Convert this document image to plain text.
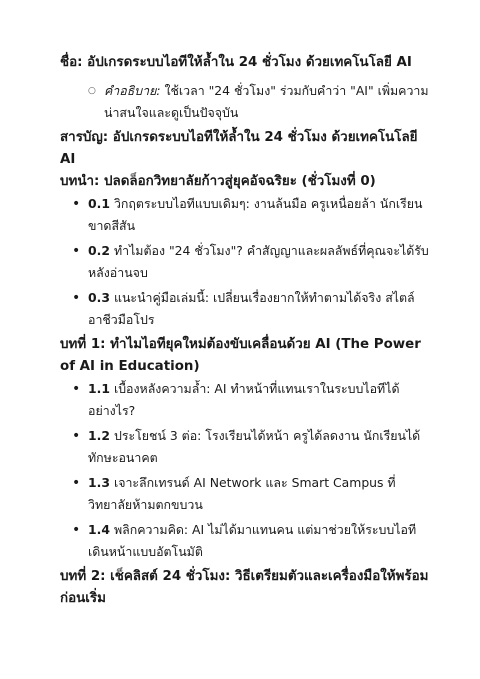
ชื่อ: อัปเกรดระบบไอทีให้ล้ำใน 24 ชั่วโมง ด้วยเทคโนโลยี AI

○ คำอธิบาย: ใช้เวลา "24 ชั่วโมง" ร่วมกับคำว่า "AI" เพิ่มความน่าสนใจและดูเป็นปัจจุบัน

สารบัญ: อัปเกรดระบบไอทีให้ล้ำใน 24 ชั่วโมง ด้วยเทคโนโลยี AI

บทนำ: ปลดล็อกวิทยาลัยก้าวสู่ยุคอัจฉริยะ (ชั่วโมงที่ 0)

• 0.1 วิกฤตระบบไอทีแบบเดิมๆ: งานล้นมือ ครูเหนื่อยล้า นักเรียนขาดสีสัน
• 0.2 ทำไมต้อง "24 ชั่วโมง"? คำสัญญาและผลลัพธ์ที่คุณจะได้รับหลังอ่านจบ
• 0.3 แนะนำคู่มือเล่มนี้: เปลี่ยนเรื่องยากให้ทำตามได้จริง สไตล์อาชีวมือโปร

บทที่ 1: ทำไมไอทียุคใหม่ต้องขับเคลื่อนด้วย AI (The Power of AI in Education)

• 1.1 เบื้องหลังความล้ำ: AI ทำหน้าที่แทนเราในระบบไอทีได้อย่างไร?
• 1.2 ประโยชน์ 3 ต่อ: โรงเรียนได้หน้า ครูได้ลดงาน นักเรียนได้ทักษะอนาคต
• 1.3 เจาะลึกเทรนด์ AI Network และ Smart Campus ที่วิทยาลัยห้ามตกขบวน
• 1.4 พลิกความคิด: AI ไม่ได้มาแทนคน แต่มาช่วยให้ระบบไอทีเดินหน้าแบบอัตโนมัติ

บทที่ 2: เช็คลิสต์ 24 ชั่วโมง: วิธีเตรียมตัวและเครื่องมือให้พร้อมก่อนเริ่ม
